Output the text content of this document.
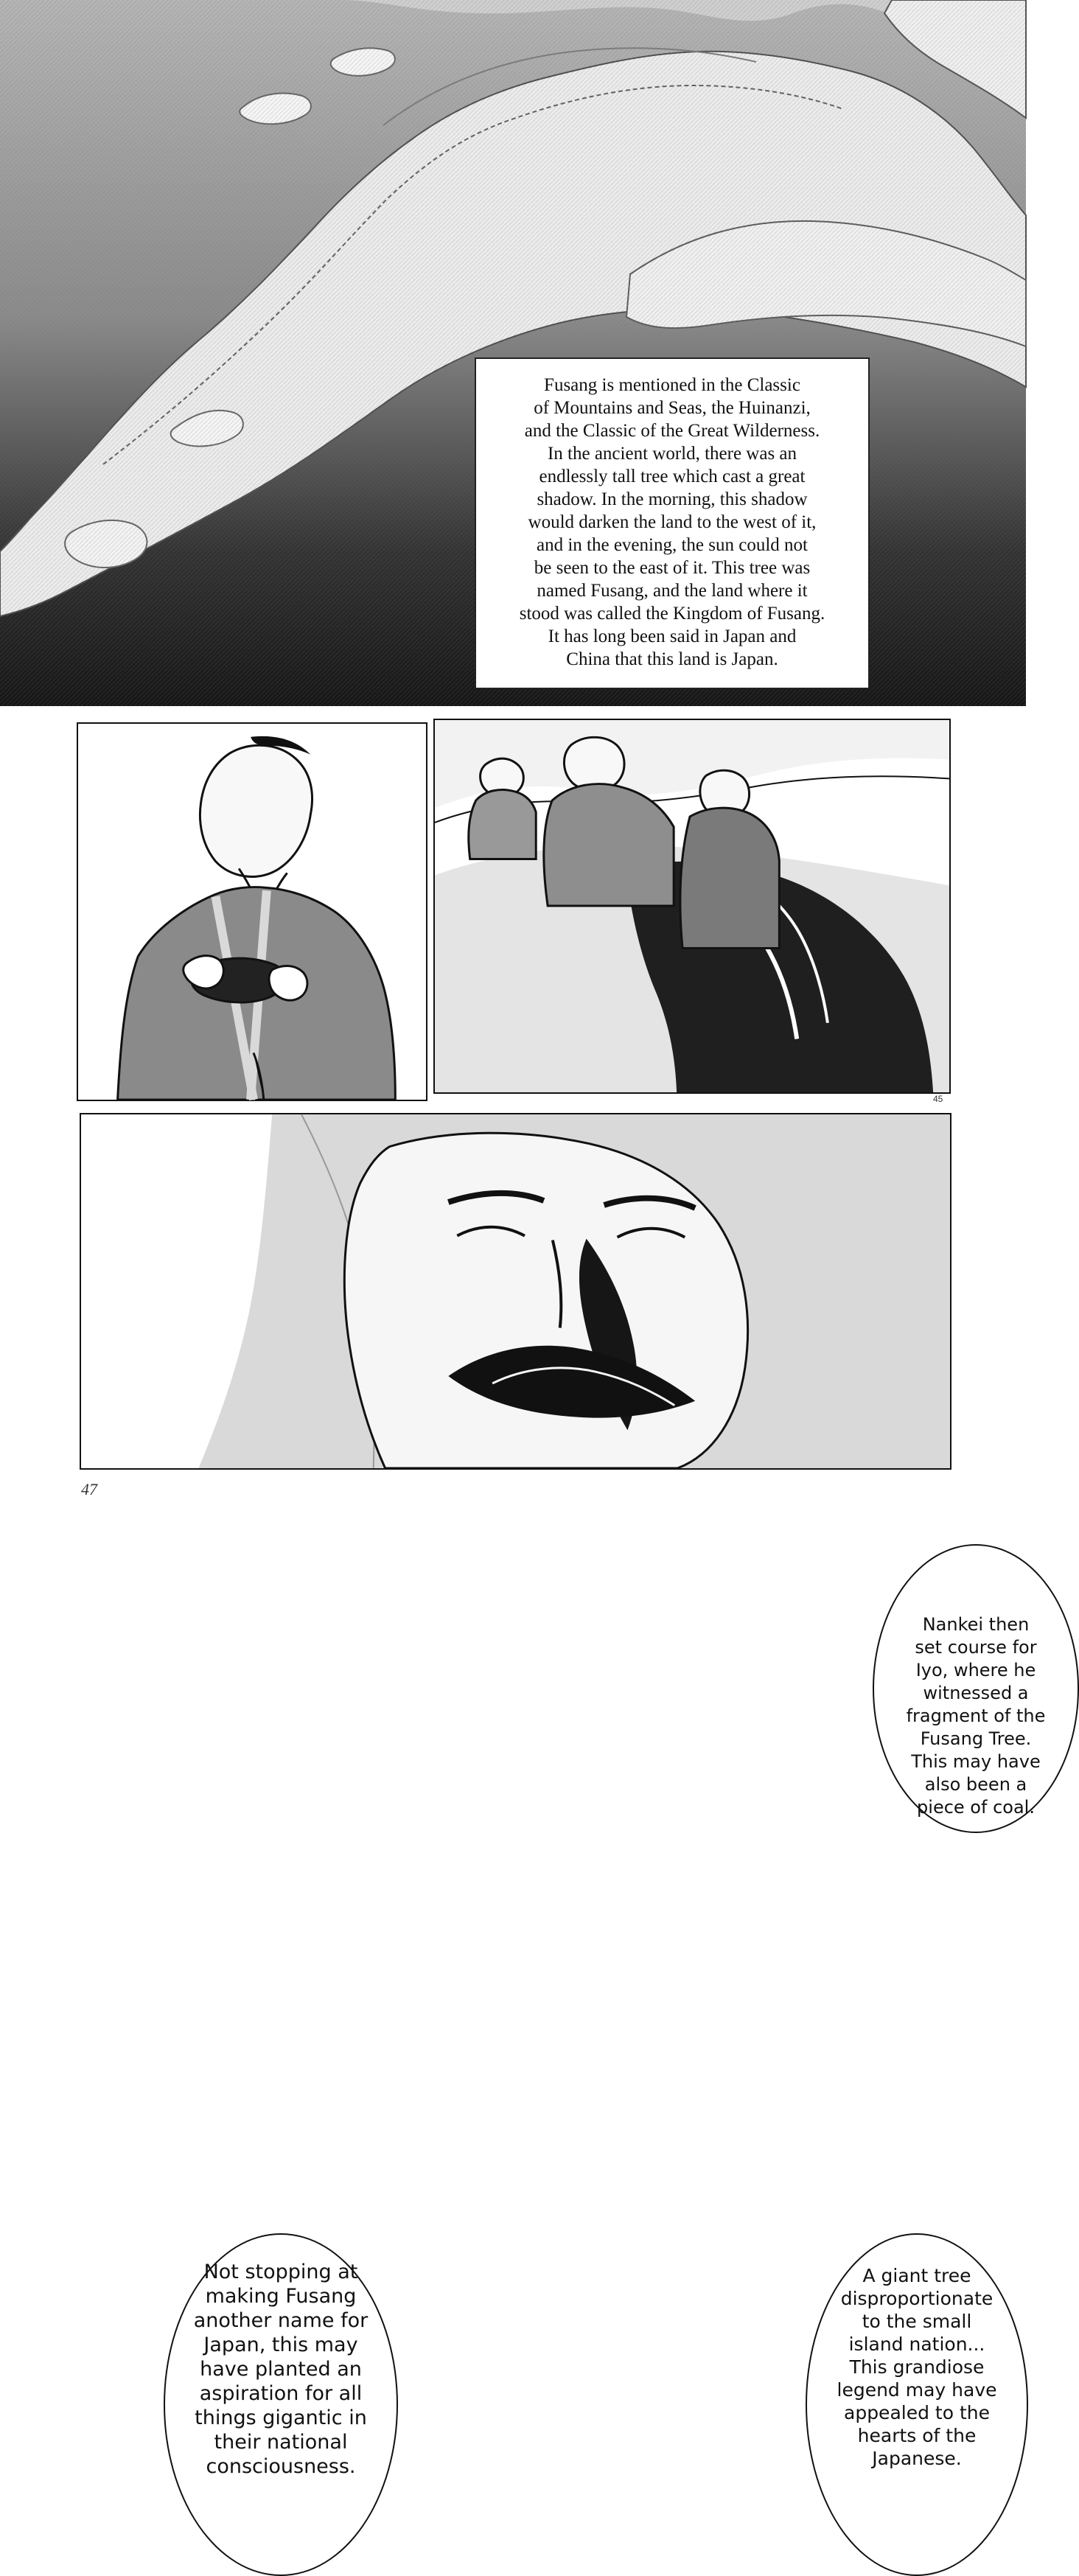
Fusang is mentioned in the Classic
of Mountains and Seas, the Huinanzi,
and the Classic of the Great Wilderness.
In the ancient world, there was an
endlessly tall tree which cast a great
shadow. In the morning, this shadow
would darken the land to the west of it,
and in the evening, the sun could not
be seen to the east of it. This tree was
named Fusang, and the land where it
stood was called the Kingdom of Fusang.
It has long been said in Japan and
China that this land is Japan.
Nankei then
set course for
Iyo, where he
witnessed a
fragment of the
Fusang Tree.
This may have
also been a
piece of coal.
45
Not stopping at
making Fusang
another name for
Japan, this may
have planted an
aspiration for all
things gigantic in
their national
consciousness.
A giant tree
disproportionate
to the small
island nation...
This grandiose
legend may have
appealed to the
hearts of the
Japanese.
47
